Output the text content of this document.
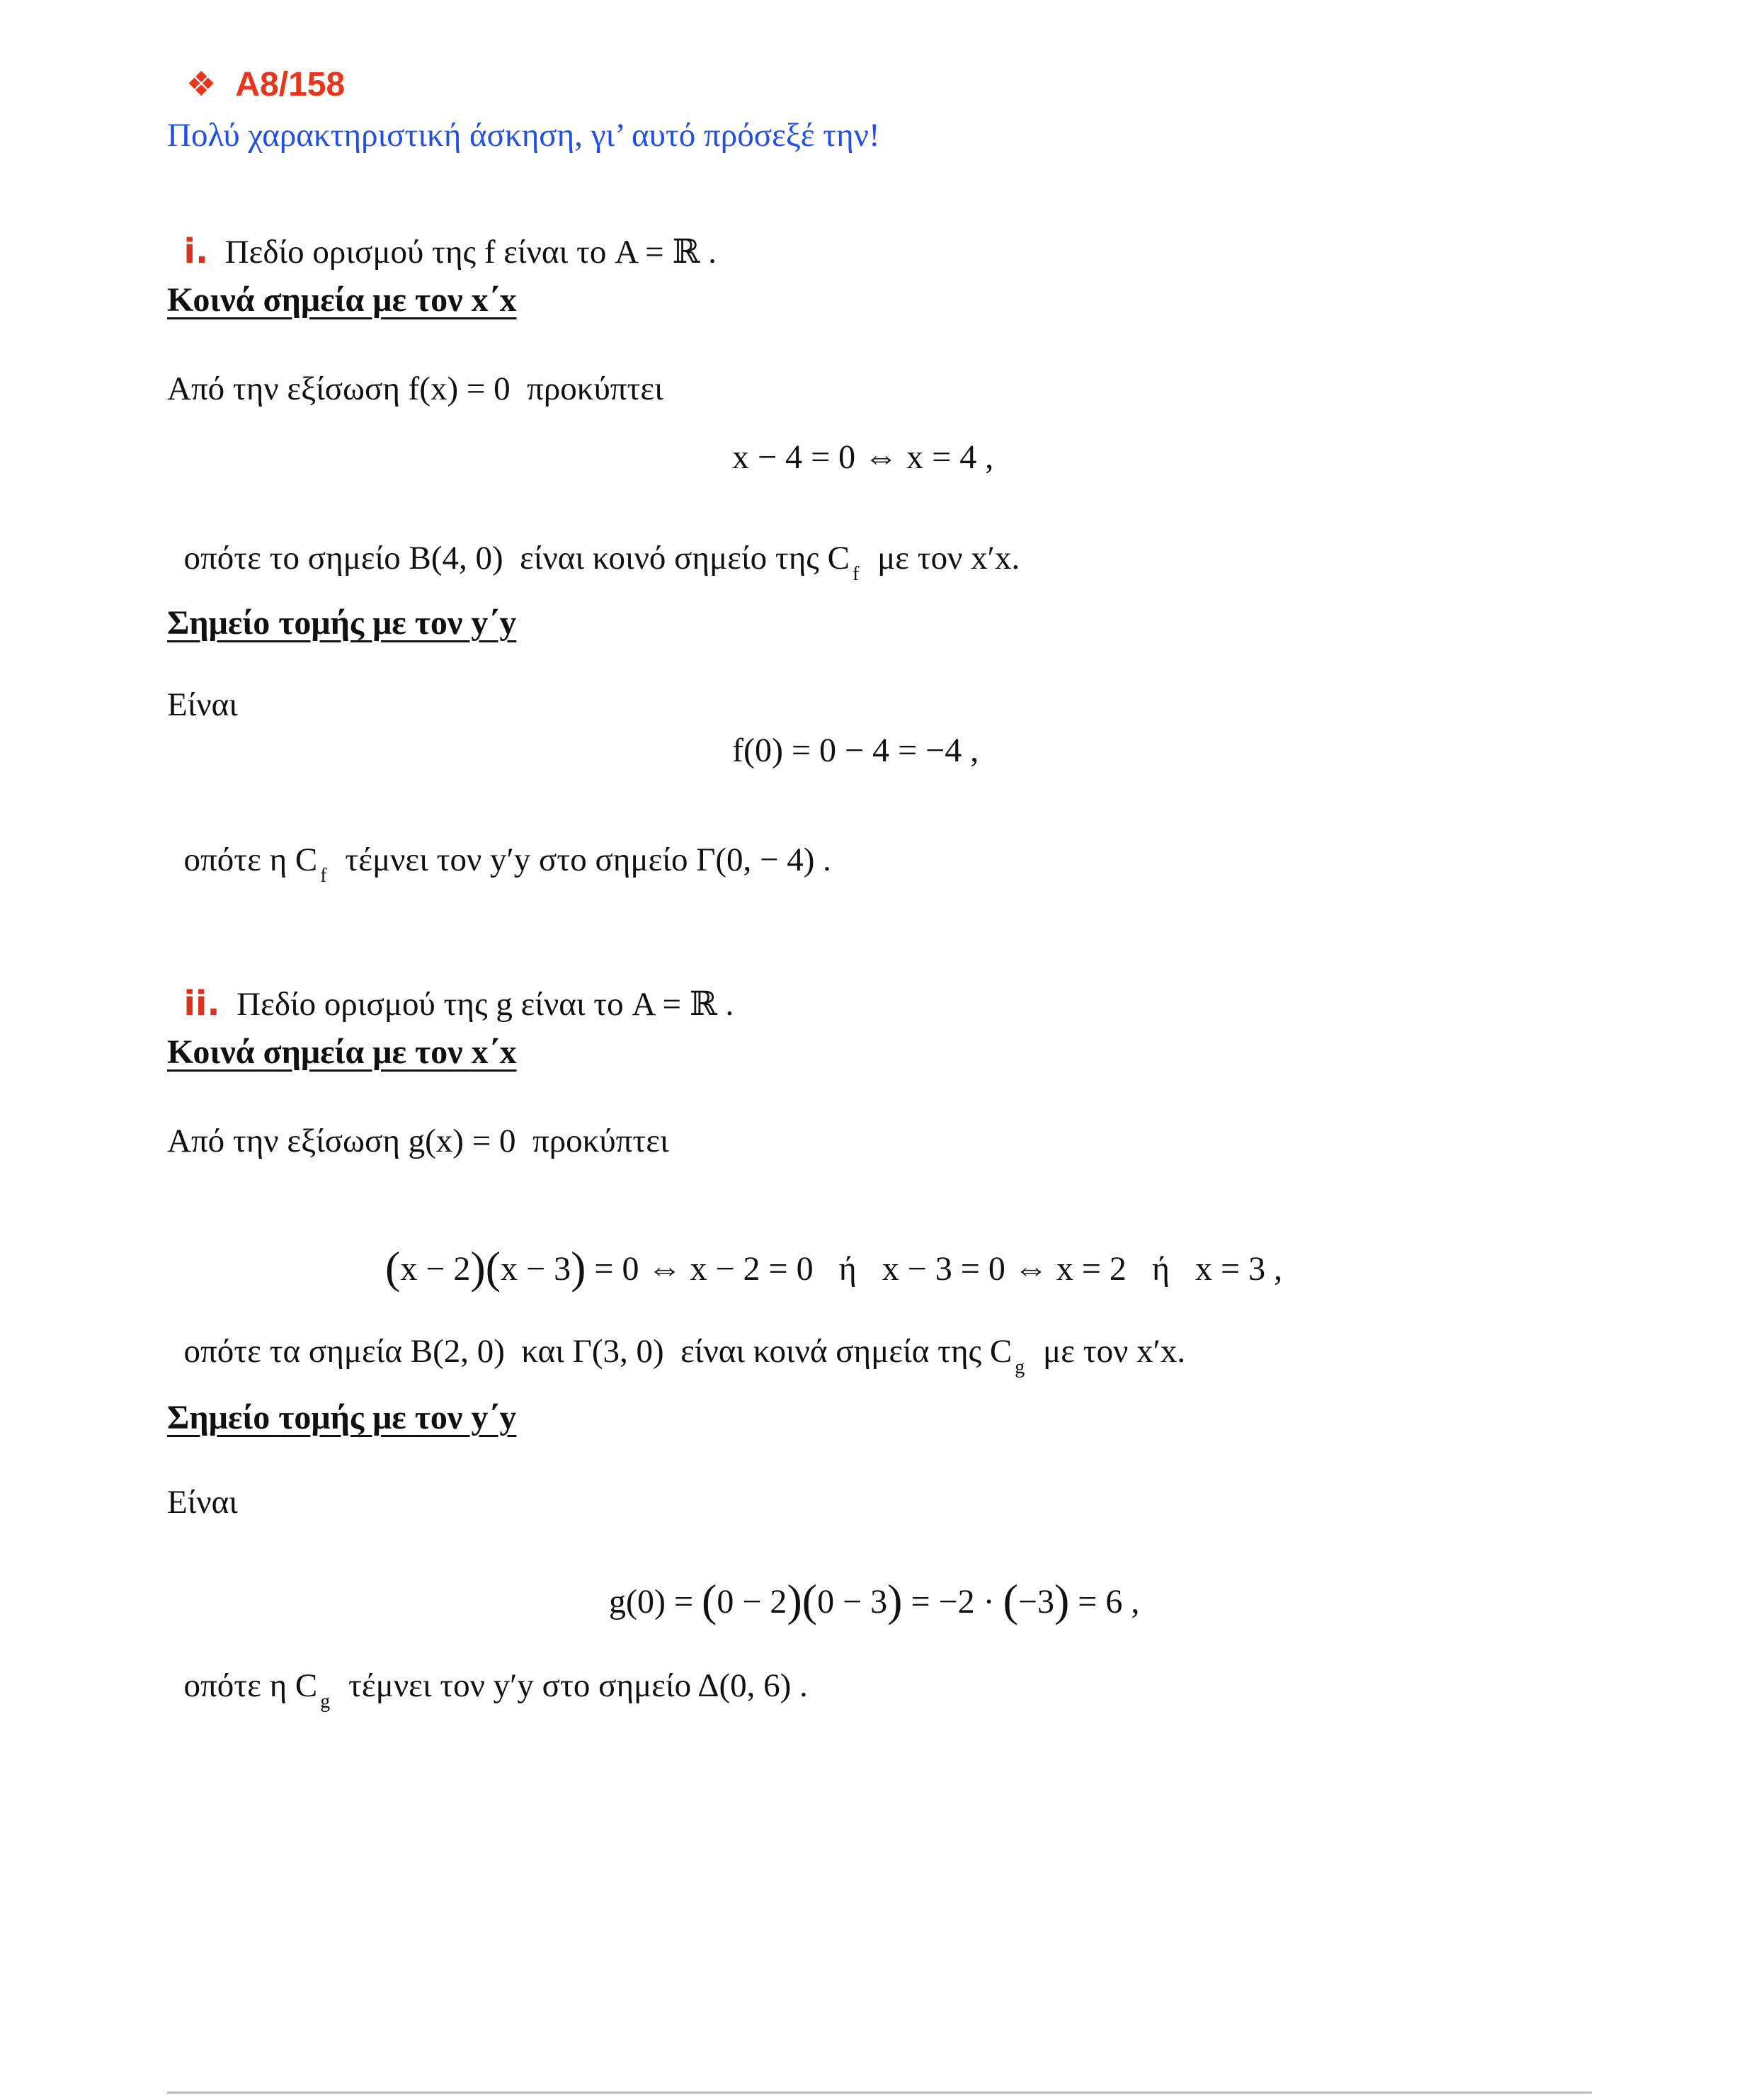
❖ A8/158

Πολύ χαρακτηριστική άσκηση, γι’ αυτό πρόσεξέ την!

i. Πεδίο ορισμού της f είναι το A = ℝ .

Κοινά σημεία με τον x΄x
Από την εξίσωση f(x) = 0  προκύπτει
x − 4 = 0 ⇔ x = 4 ,

οπότε το σημείο B(4, 0)  είναι κοινό σημείο της C $_f$ με τον x′x.

Σημείο τομής με τον y΄y
Είναι
f(0) = 0 − 4 = −4 ,

οπότε η C $_f$ τέμνει τον y′y στο σημείο Γ(0, − 4) .

ii. Πεδίο ορισμού της g είναι το A = ℝ .

Κοινά σημεία με τον x΄x
Από την εξίσωση g(x) = 0  προκύπτει

(x − 2)(x − 3) = 0 ⇔ x − 2 = 0   ή   x − 3 = 0 ⇔ x = 2   ή   x = 3 ,

οπότε τα σημεία B(2, 0)  και Γ(3, 0)  είναι κοινά σημεία της C $_g$ με τον x′x.

Σημείο τομής με τον y΄y
Είναι

g(0) = (0 − 2)(0 − 3) = −2 · (−3) = 6 ,

οπότε η C $_g$ τέμνει τον y′y στο σημείο Δ(0, 6) .
